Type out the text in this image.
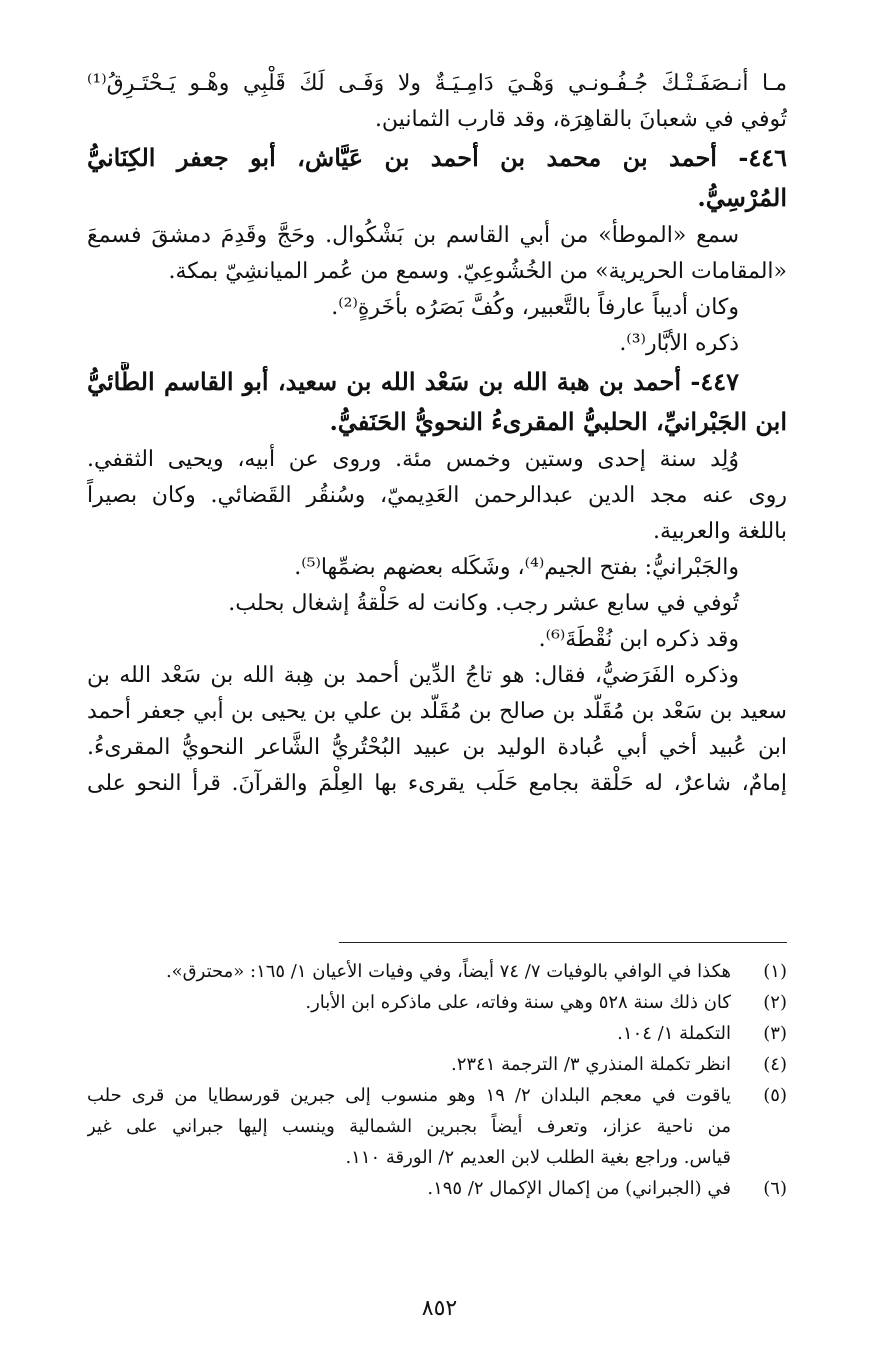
مـا أنـصَفَـتْـكَ جُـفُـونـي وَهْـيَ دَامِـيَـةٌ ولا وَفَـى لَكَ قَلْبِي وهْـو يَـحْتَـرِقُ⁽¹⁾
تُوفي في شعبانَ بالقاهِرَة، وقد قارب الثمانين.
٤٤٦- أحمد بن محمد بن أحمد بن عَيَّاش، أبو جعفر الكِنَانيُّ
المُرْسِيُّ.
سمع «الموطأ» من أبي القاسم بن بَشْكُوال. وحَجَّ وقَدِمَ دمشقَ فسمعَ
«المقامات الحريرية» من الخُشُوعِيّ. وسمع من عُمر الميانشِيّ بمكة.
وكان أديباً عارفاً بالتَّعبير، وكُفَّ بَصَرُه بأخَرةٍ⁽²⁾.
ذكره الأبَّار⁽³⁾.
٤٤٧- أحمد بن هبة الله بن سَعْد الله بن سعيد، أبو القاسم الطَّائيُّ
ابن الجَبْرانيِّ، الحلبيُّ المقرىءُ النحويُّ الحَنَفيُّ.
وُلِد سنة إحدى وستين وخمس مئة. وروى عن أبيه، ويحيى الثقفي.
روى عنه مجد الدين عبدالرحمن العَدِيميّ، وسُنقُر القَضائي. وكان بصيراً
باللغة والعربية.
والجَبْرانيُّ: بفتح الجيم⁽⁴⁾، وشَكَله بعضهم بضمِّها⁽⁵⁾.
تُوفي في سابع عشر رجب. وكانت له حَلْقةُ إشغال بحلب.
وقد ذكره ابن نُقْطَةَ⁽⁶⁾.
وذكره الفَرَضيُّ، فقال: هو تاجُ الدِّين أحمد بن هِبة الله بن سَعْد الله بن
سعيد بن سَعْد بن مُقَلَّد بن صالح بن مُقَلَّد بن علي بن يحيى بن أبي جعفر أحمد
ابن عُبيد أخي أبي عُبادة الوليد بن عبيد البُحْتُريُّ الشَّاعر النحويُّ المقرىءُ.
إمامٌ، شاعرٌ، له حَلْقة بجامع حَلَب يقرىء بها العِلْمَ والقرآنَ. قرأ النحو على
(١)
هكذا في الوافي بالوفيات ٧/ ٧٤ أيضاً، وفي وفيات الأعيان ١/ ١٦٥: «محترق».
(٢)
كان ذلك سنة ٥٢٨ وهي سنة وفاته، على ماذكره ابن الأبار.
(٣)
التكملة ١/ ١٠٤.
(٤)
انظر تكملة المنذري ٣/ الترجمة ٢٣٤١.
(٥)
ياقوت في معجم البلدان ٢/ ١٩ وهو منسوب إلى جبرين قورسطايا من قرى حلب
من ناحية عزاز، وتعرف أيضاً بجبرين الشمالية وينسب إليها جبراني على غير
قياس. وراجع بغية الطلب لابن العديم ٢/ الورقة ١١٠.
(٦)
في (الجبراني) من إكمال الإكمال ٢/ ١٩٥.
٨٥٢
